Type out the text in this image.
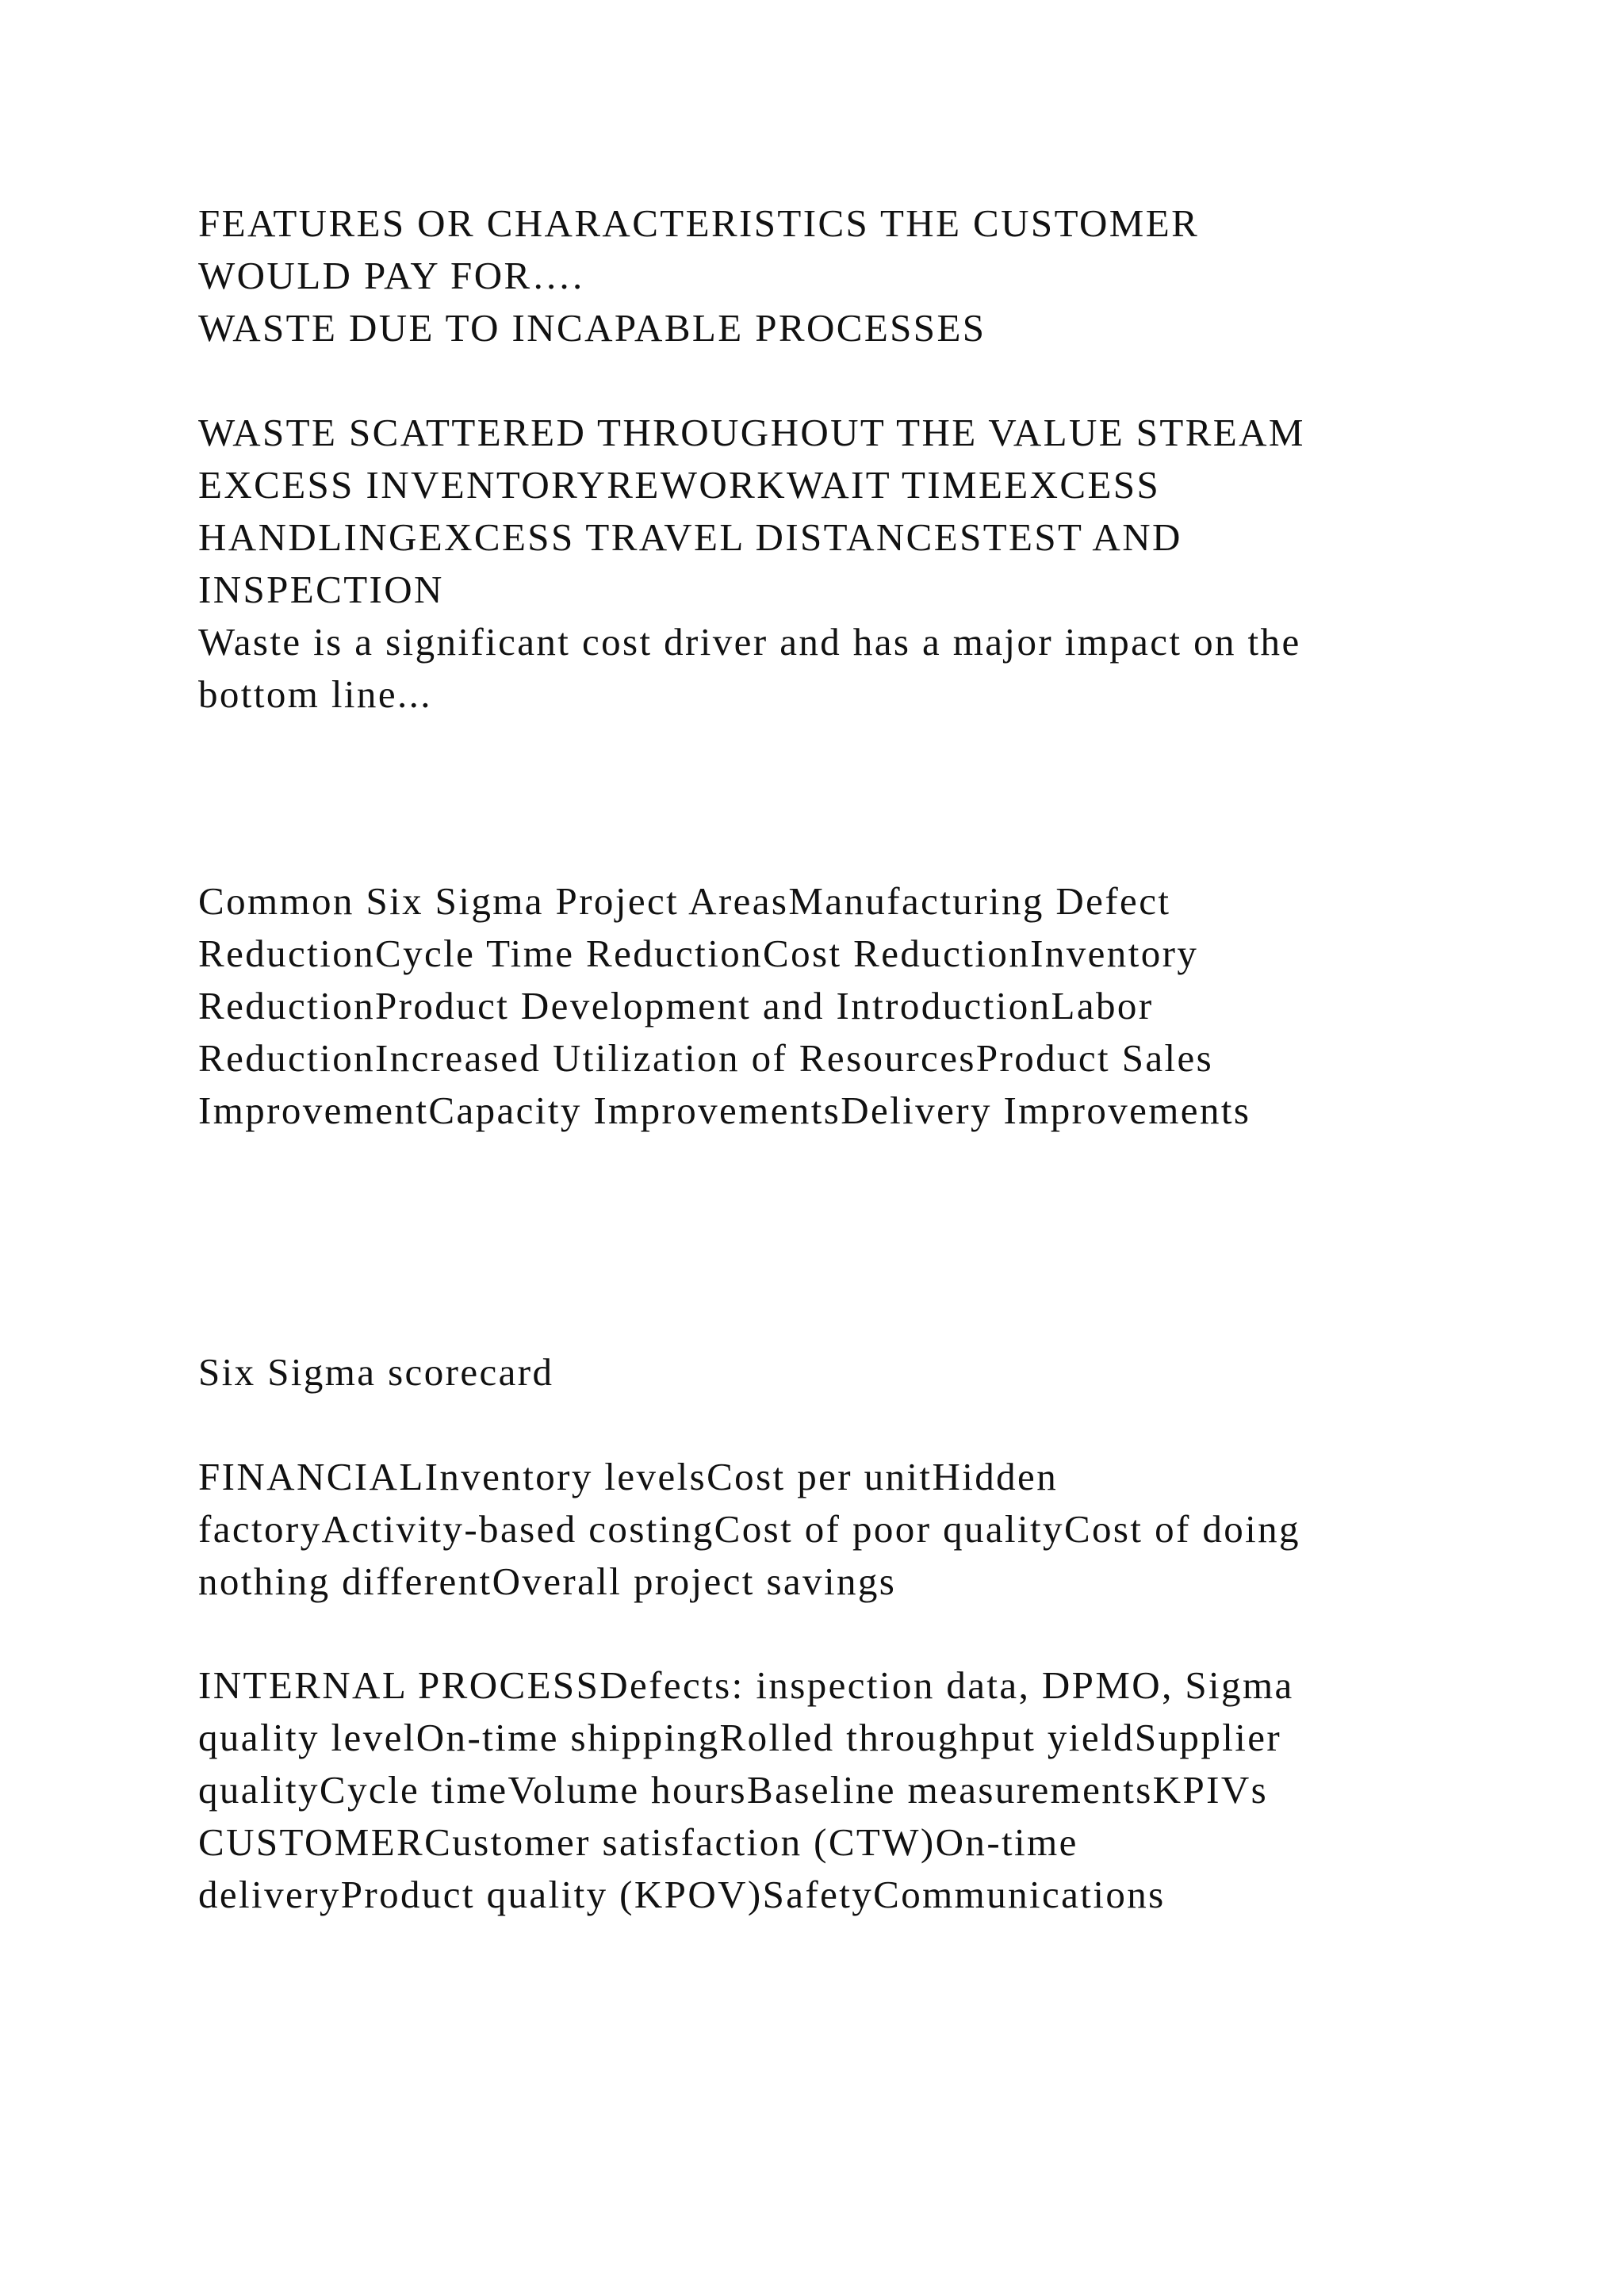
FEATURES OR CHARACTERISTICS THE CUSTOMER
WOULD PAY FOR….
WASTE DUE TO INCAPABLE PROCESSES
WASTE SCATTERED THROUGHOUT THE VALUE STREAM
EXCESS INVENTORYREWORKWAIT TIMEEXCESS
HANDLINGEXCESS TRAVEL DISTANCESTEST AND
INSPECTION
Waste is a significant cost driver and has a major impact on the
bottom line...
Common Six Sigma Project AreasManufacturing Defect
ReductionCycle Time ReductionCost ReductionInventory
ReductionProduct Development and IntroductionLabor
ReductionIncreased Utilization of ResourcesProduct Sales
ImprovementCapacity ImprovementsDelivery Improvements
Six Sigma scorecard
FINANCIALInventory levelsCost per unitHidden
factoryActivity-based costingCost of poor qualityCost of doing
nothing differentOverall project savings
INTERNAL PROCESSDefects: inspection data, DPMO, Sigma
quality levelOn-time shippingRolled throughput yieldSupplier
qualityCycle timeVolume hoursBaseline measurementsKPIVs
CUSTOMERCustomer satisfaction (CTW)On-time
deliveryProduct quality (KPOV)SafetyCommunications
